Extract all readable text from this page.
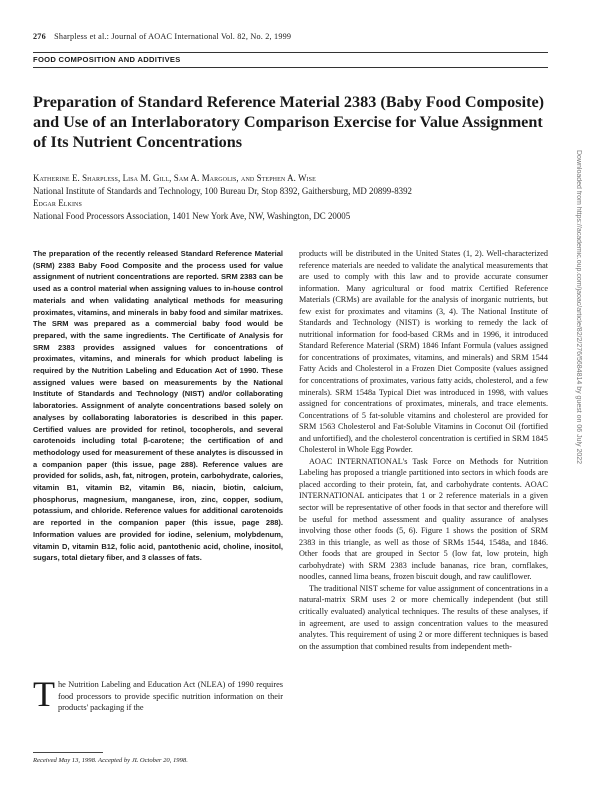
276 Sharpless et al.: Journal of AOAC International Vol. 82, No. 2, 1999
FOOD COMPOSITION AND ADDITIVES
Preparation of Standard Reference Material 2383 (Baby Food Composite) and Use of an Interlaboratory Comparison Exercise for Value Assignment of Its Nutrient Concentrations
Katherine E. Sharpless, Lisa M. Gill, Sam A. Margolis, and Stephen A. Wise
National Institute of Standards and Technology, 100 Bureau Dr, Stop 8392, Gaithersburg, MD 20899-8392
Edgar Elkins
National Food Processors Association, 1401 New York Ave, NW, Washington, DC 20005

The preparation of the recently released Standard Reference Material (SRM) 2383 Baby Food Composite and the process used for value assignment of nutrient concentrations are reported. SRM 2383 can be used as a control material when assigning values to in-house control materials and when validating analytical methods for measuring proximates, vitamins, and minerals in baby food and similar matrixes. The SRM was prepared as a commercial baby food would be prepared, with the same ingredients. The Certificate of Analysis for SRM 2383 provides assigned values for concentrations of proximates, vitamins, and minerals for which product labeling is required by the Nutrition Labeling and Education Act of 1990. These assigned values were based on measurements by the National Institute of Standards and Technology (NIST) and/or collaborating laboratories. Assignment of analyte concentrations based solely on analyses by collaborating laboratories is described in this paper. Certified values are provided for retinol, tocopherols, and several carotenoids including total β-carotene; the certification of and methodology used for measurement of these analytes is discussed in a companion paper (this issue, page 288). Reference values are provided for solids, ash, fat, nitrogen, protein, carbohydrate, calories, vitamin B1, vitamin B2, vitamin B6, niacin, biotin, calcium, phosphorus, magnesium, manganese, iron, zinc, copper, sodium, potassium, and chloride. Reference values for additional carotenoids are reported in the companion paper (this issue, page 288). Information values are provided for iodine, selenium, molybdenum, vitamin D, vitamin B12, folic acid, pantothenic acid, choline, inositol, sugars, total dietary fiber, and 3 classes of fats.

The Nutrition Labeling and Education Act (NLEA) of 1990 requires food processors to provide specific nutrition information on their products' packaging if the
Received May 13, 1998. Accepted by JL October 20, 1998.

products will be distributed in the United States (1, 2). Well-characterized reference materials are needed to validate the analytical measurements that are used to comply with this law and to provide accurate consumer information. Many agricultural or food matrix Certified Reference Materials (CRMs) are available for the analysis of inorganic nutrients, but few exist for proximates and vitamins (3, 4). The National Institute of Standards and Technology (NIST) is working to remedy the lack of nutritional information for food-based CRMs and in 1996, it introduced Standard Reference Material (SRM) 1846 Infant Formula (values assigned for concentrations of proximates, vitamins, and minerals) and SRM 1544 Fatty Acids and Cholesterol in a Frozen Diet Composite (values assigned for concentrations of proximates, various fatty acids, cholesterol, and a few minerals). SRM 1548a Typical Diet was introduced in 1998, with values assigned for concentrations of proximates, minerals, and trace elements. Concentrations of 5 fat-soluble vitamins and cholesterol are provided for SRM 1563 Cholesterol and Fat-Soluble Vitamins in Coconut Oil (fortified and unfortified), and the cholesterol concentration is certified in SRM 1845 Cholesterol in Whole Egg Powder.

AOAC INTERNATIONAL's Task Force on Methods for Nutrition Labeling has proposed a triangle partitioned into sectors in which foods are placed according to their protein, fat, and carbohydrate contents. AOAC INTERNATIONAL anticipates that 1 or 2 reference materials in a given sector will be representative of other foods in that sector and therefore will be useful for method assessment and quality assurance of analyses involving those other foods (5, 6). Figure 1 shows the position of SRM 2383 in this triangle, as well as those of SRMs 1544, 1548a, and 1846. Other foods that are grouped in Sector 5 (low fat, low protein, high carbohydrate) with SRM 2383 include bananas, rice bran, cornflakes, noodles, canned lima beans, frozen biscuit dough, and raw cauliflower.

The traditional NIST scheme for value assignment of concentrations in a natural-matrix SRM uses 2 or more chemically independent (but still critically evaluated) analytical techniques. The results of these analyses, if in agreement, are used to assign concentration values to the measured analytes. This requirement of using 2 or more different techniques is based on the assumption that combined results from independent meth-

Downloaded from https://academic.oup.com/jaoac/article/82/2/276/5684814 by guest on 06 July 2022
